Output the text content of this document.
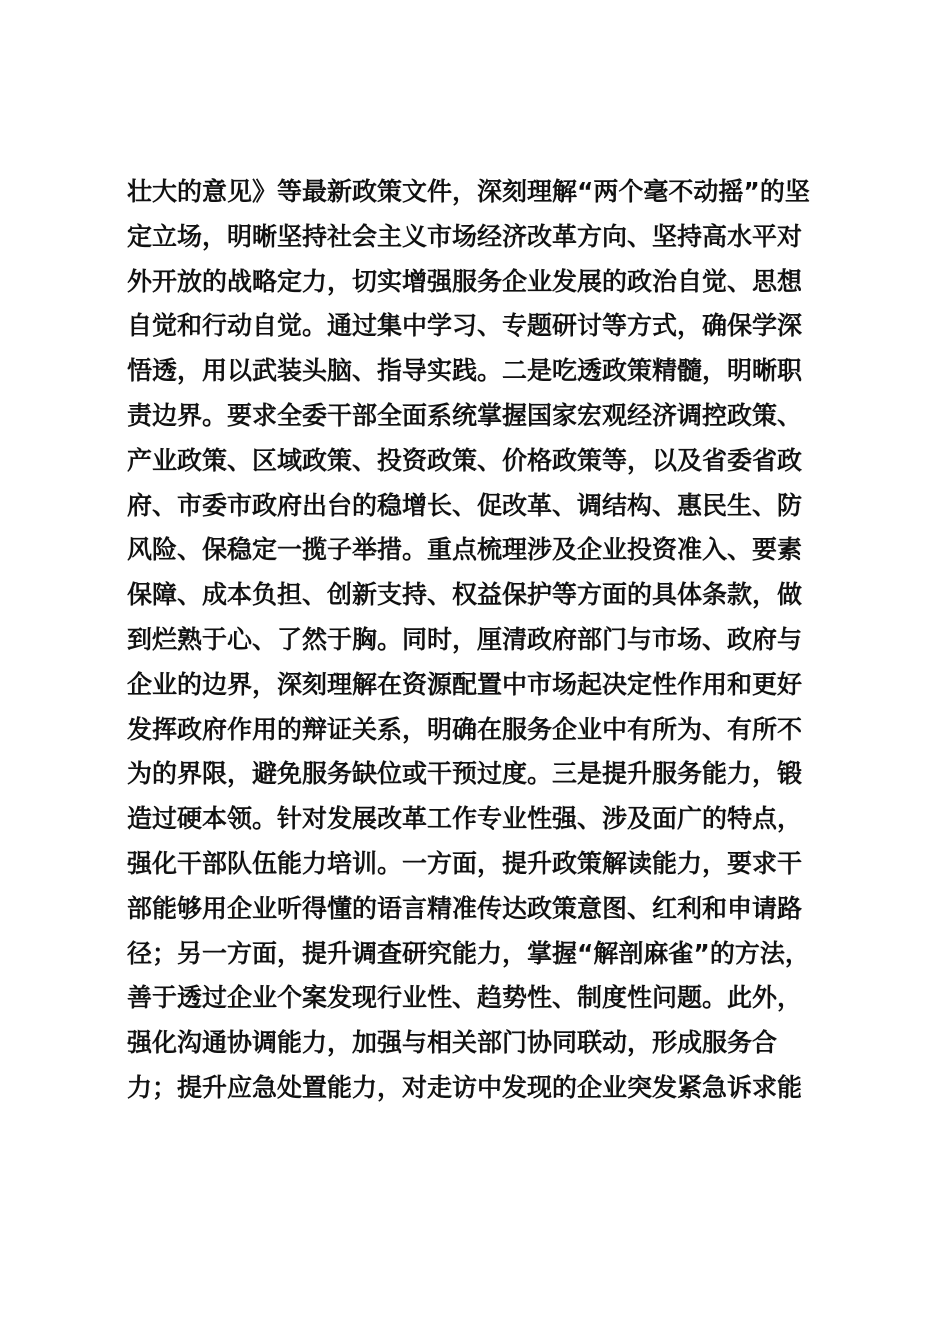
壮大的意见》等最新政策文件，深刻理解“两个毫不动摇”的坚
定立场，明晰坚持社会主义市场经济改革方向、坚持高水平对
外开放的战略定力，切实增强服务企业发展的政治自觉、思想
自觉和行动自觉。通过集中学习、专题研讨等方式，确保学深
悟透，用以武装头脑、指导实践。二是吃透政策精髓，明晰职
责边界。要求全委干部全面系统掌握国家宏观经济调控政策、
产业政策、区域政策、投资政策、价格政策等，以及省委省政
府、市委市政府出台的稳增长、促改革、调结构、惠民生、防
风险、保稳定一揽子举措。重点梳理涉及企业投资准入、要素
保障、成本负担、创新支持、权益保护等方面的具体条款，做
到烂熟于心、了然于胸。同时，厘清政府部门与市场、政府与
企业的边界，深刻理解在资源配置中市场起决定性作用和更好
发挥政府作用的辩证关系，明确在服务企业中有所为、有所不
为的界限，避免服务缺位或干预过度。三是提升服务能力，锻
造过硬本领。针对发展改革工作专业性强、涉及面广的特点，
强化干部队伍能力培训。一方面，提升政策解读能力，要求干
部能够用企业听得懂的语言精准传达政策意图、红利和申请路
径；另一方面，提升调查研究能力，掌握“解剖麻雀”的方法，
善于透过企业个案发现行业性、趋势性、制度性问题。此外，
强化沟通协调能力，加强与相关部门协同联动，形成服务合
力；提升应急处置能力，对走访中发现的企业突发紧急诉求能
